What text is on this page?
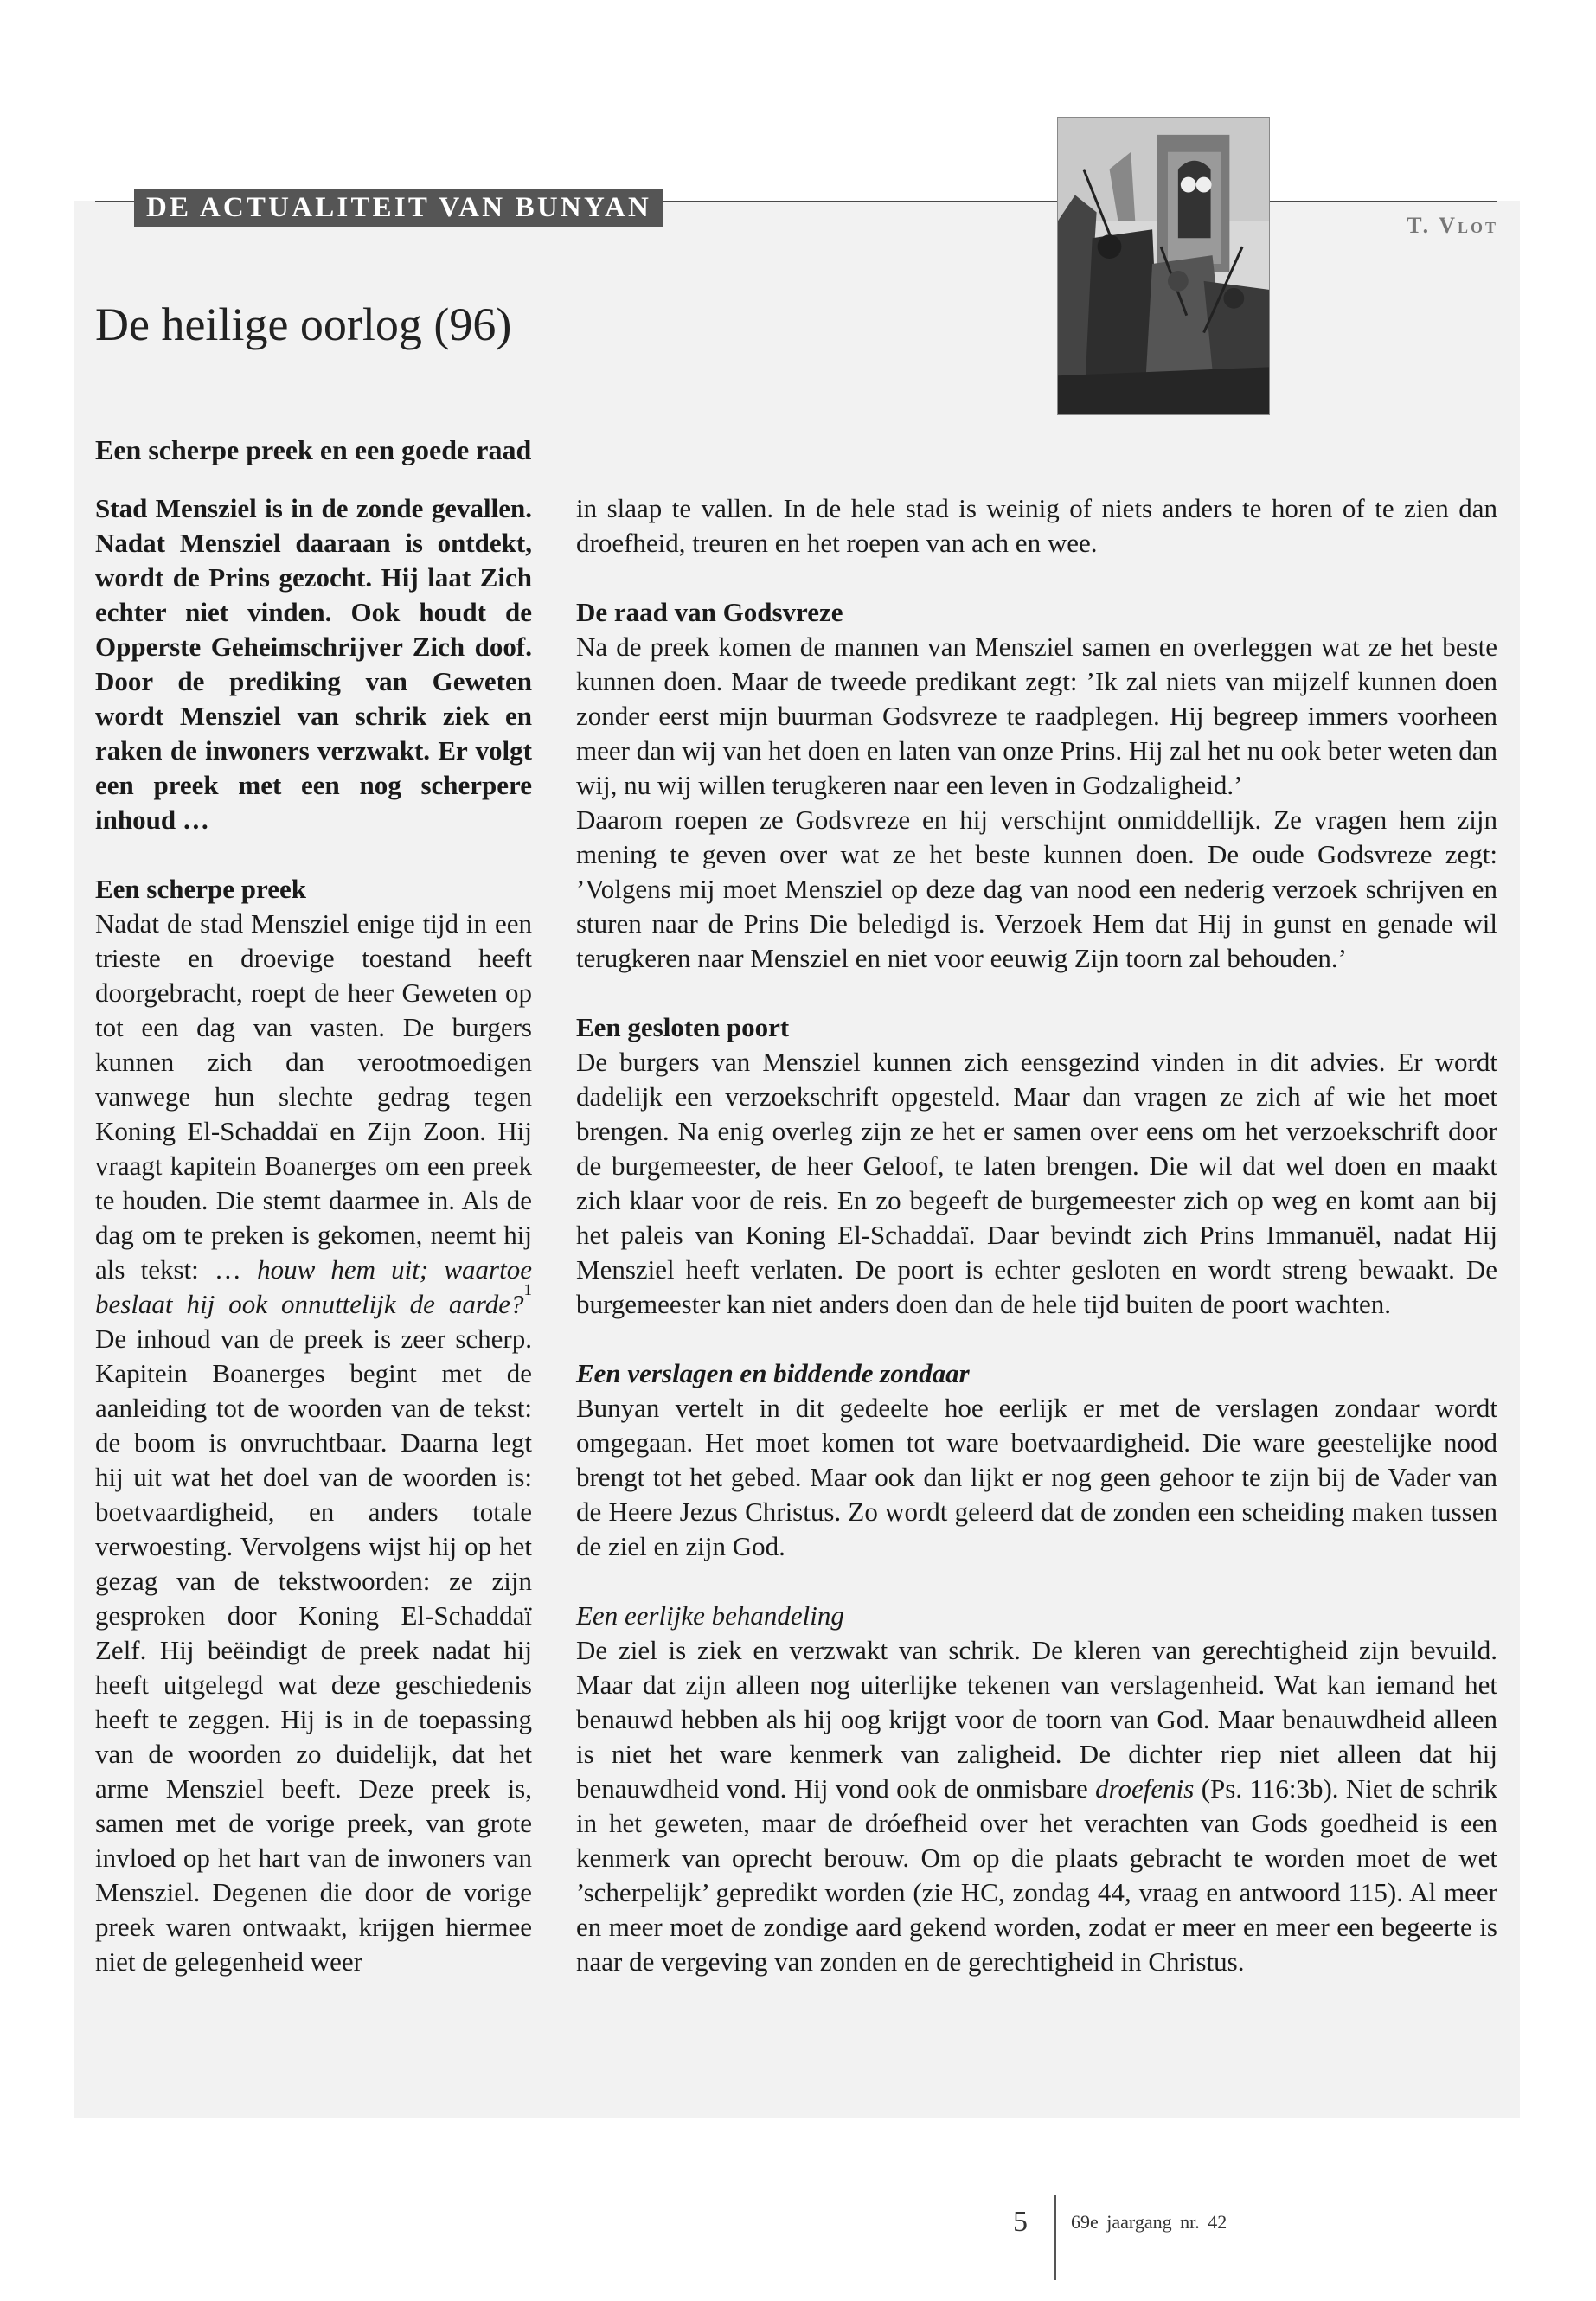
DE ACTUALITEIT VAN BUNYAN
T. Vlot
De heilige oorlog (96)
Een scherpe preek en een goede raad

Stad Mensziel is in de zonde gevallen. Nadat Mensziel daaraan is ontdekt, wordt de Prins gezocht. Hij laat Zich echter niet vinden. Ook houdt de Opperste Geheimschrijver Zich doof. Door de prediking van Geweten wordt Mensziel van schrik ziek en raken de inwoners verzwakt. Er volgt een preek met een nog scherpere inhoud …

Een scherpe preek

Nadat de stad Mensziel enige tijd in een trieste en droevige toestand heeft doorgebracht, roept de heer Geweten op tot een dag van vasten. De burgers kunnen zich dan verootmoedigen vanwege hun slechte gedrag tegen Koning El-Schaddaï en Zijn Zoon. Hij vraagt kapitein Boanerges om een preek te houden. Die stemt daarmee in. Als de dag om te preken is gekomen, neemt hij als tekst: … houw hem uit; waartoe beslaat hij ook onnuttelijk de aarde?$^1$ De inhoud van de preek is zeer scherp. Kapitein Boanerges begint met de aanleiding tot de woorden van de tekst: de boom is onvruchtbaar. Daarna legt hij uit wat het doel van de woorden is: boetvaardigheid, en anders totale verwoesting. Vervolgens wijst hij op het gezag van de tekstwoorden: ze zijn gesproken door Koning El-Schaddaï Zelf. Hij beëindigt de preek nadat hij heeft uitgelegd wat deze geschiedenis heeft te zeggen. Hij is in de toepassing van de woorden zo duidelijk, dat het arme Mensziel beeft. Deze preek is, samen met de vorige preek, van grote invloed op het hart van de inwoners van Mensziel. Degenen die door de vorige preek waren ontwaakt, krijgen hiermee niet de gelegenheid weer

in slaap te vallen. In de hele stad is weinig of niets anders te horen of te zien dan droefheid, treuren en het roepen van ach en wee.

De raad van Godsvreze

Na de preek komen de mannen van Mensziel samen en overleggen wat ze het beste kunnen doen. Maar de tweede predikant zegt: ’Ik zal niets van mijzelf kunnen doen zonder eerst mijn buurman Godsvreze te raadplegen. Hij begreep immers voorheen meer dan wij van het doen en laten van onze Prins. Hij zal het nu ook beter weten dan wij, nu wij willen terugkeren naar een leven in Godzaligheid.’

Daarom roepen ze Godsvreze en hij verschijnt onmiddellijk. Ze vragen hem zijn mening te geven over wat ze het beste kunnen doen. De oude Godsvreze zegt: ’Volgens mij moet Mensziel op deze dag van nood een nederig verzoek schrijven en sturen naar de Prins Die beledigd is. Verzoek Hem dat Hij in gunst en genade wil terugkeren naar Mensziel en niet voor eeuwig Zijn toorn zal behouden.’

Een gesloten poort

De burgers van Mensziel kunnen zich eensgezind vinden in dit advies. Er wordt dadelijk een verzoekschrift opgesteld. Maar dan vragen ze zich af wie het moet brengen. Na enig overleg zijn ze het er samen over eens om het verzoekschrift door de burgemeester, de heer Geloof, te laten brengen. Die wil dat wel doen en maakt zich klaar voor de reis. En zo begeeft de burgemeester zich op weg en komt aan bij het paleis van Koning El-Schaddaï. Daar bevindt zich Prins Immanuël, nadat Hij Mensziel heeft verlaten. De poort is echter gesloten en wordt streng bewaakt. De burgemeester kan niet anders doen dan de hele tijd buiten de poort wachten.

Een verslagen en biddende zondaar

Bunyan vertelt in dit gedeelte hoe eerlijk er met de verslagen zondaar wordt omgegaan. Het moet komen tot ware boetvaardigheid. Die ware geestelijke nood brengt tot het gebed. Maar ook dan lijkt er nog geen gehoor te zijn bij de Vader van de Heere Jezus Christus. Zo wordt geleerd dat de zonden een scheiding maken tussen de ziel en zijn God.

Een eerlijke behandeling

De ziel is ziek en verzwakt van schrik. De kleren van gerechtigheid zijn bevuild. Maar dat zijn alleen nog uiterlijke tekenen van verslagenheid. Wat kan iemand het benauwd hebben als hij oog krijgt voor de toorn van God. Maar benauwdheid alleen is niet het ware kenmerk van zaligheid. De dichter riep niet alleen dat hij benauwdheid vond. Hij vond ook de onmisbare droefenis (Ps. 116:3b). Niet de schrik in het geweten, maar de dróefheid over het verachten van Gods goedheid is een kenmerk van oprecht berouw. Om op die plaats gebracht te worden moet de wet ’scherpelijk’ gepredikt worden (zie HC, zondag 44, vraag en antwoord 115). Al meer en meer moet de zondige aard gekend worden, zodat er meer en meer een begeerte is naar de vergeving van zonden en de gerechtigheid in Christus.

5 69e jaargang nr. 42
